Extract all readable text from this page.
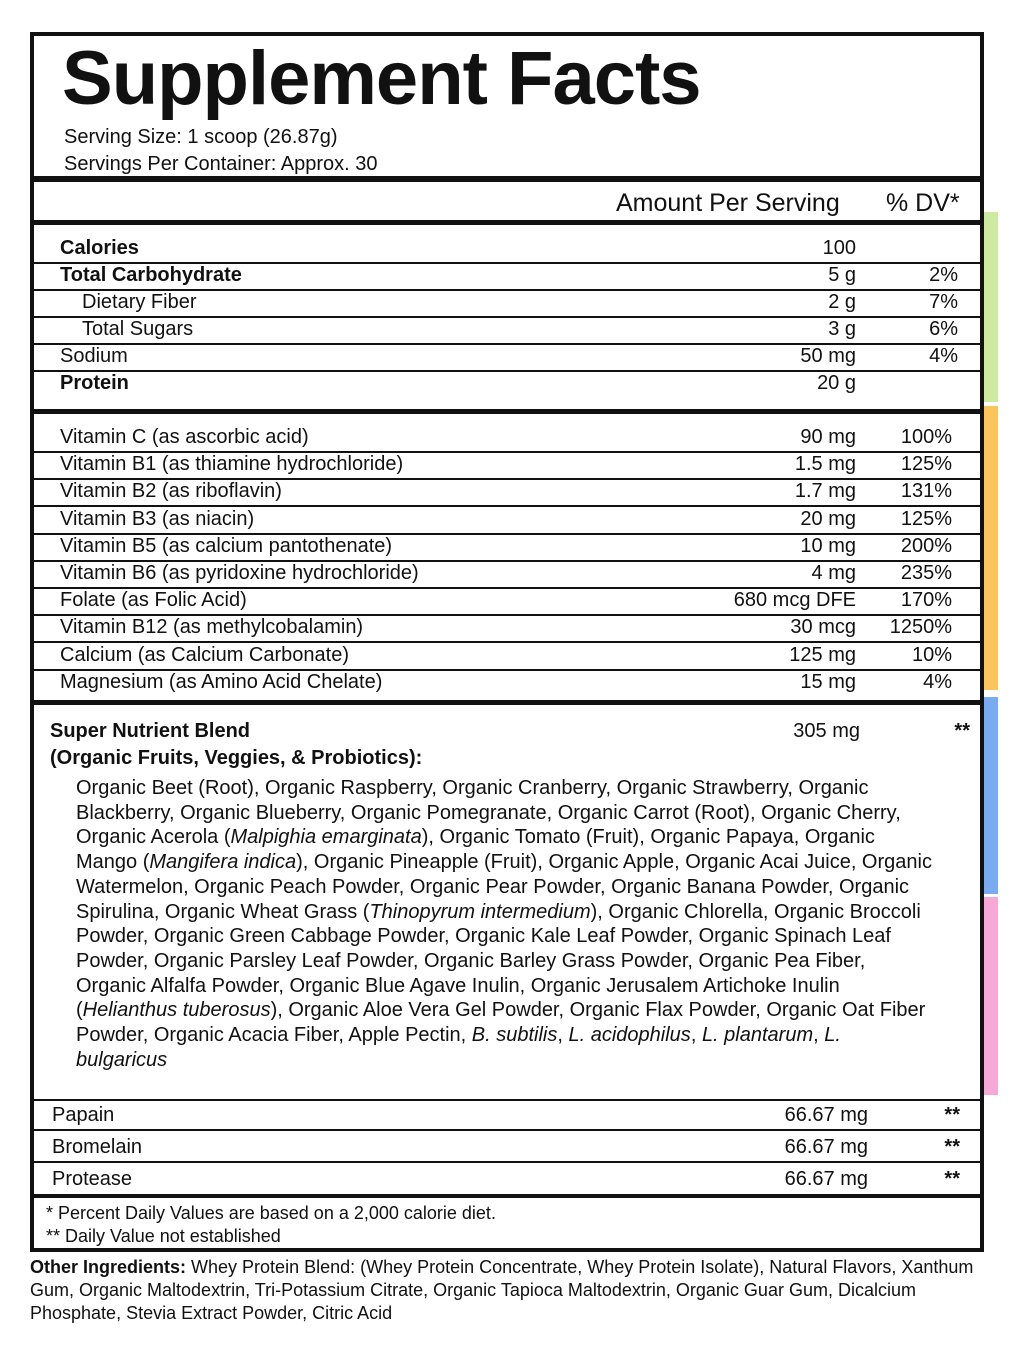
Supplement Facts
Serving Size: 1 scoop (26.87g)
Servings Per Container: Approx. 30
Amount Per Serving % DV*
Calories	100
Total Carbohydrate	5 g	2%
Dietary Fiber	2 g	7%
Total Sugars	3 g	6%
Sodium	50 mg	4%
Protein	20 g
Vitamin C (as ascorbic acid)	90 mg	100%
Vitamin B1 (as thiamine hydrochloride)	1.5 mg	125%
Vitamin B2 (as riboflavin)	1.7 mg	131%
Vitamin B3 (as niacin)	20 mg	125%
Vitamin B5 (as calcium pantothenate)	10 mg	200%
Vitamin B6 (as pyridoxine hydrochloride)	4 mg	235%
Folate (as Folic Acid)	680 mcg DFE	170%
Vitamin B12 (as methylcobalamin)	30 mcg	1250%
Calcium (as Calcium Carbonate)	125 mg	10%
Magnesium (as Amino Acid Chelate)	15 mg	4%
Super Nutrient Blend	305 mg	**
(Organic Fruits, Veggies, & Probiotics):
Organic Beet (Root), Organic Raspberry, Organic Cranberry, Organic Strawberry, Organic Blackberry, Organic Blueberry, Organic Pomegranate, Organic Carrot (Root), Organic Cherry, Organic Acerola (Malpighia emarginata), Organic Tomato (Fruit), Organic Papaya, Organic Mango (Mangifera indica), Organic Pineapple (Fruit), Organic Apple, Organic Acai Juice, Organic Watermelon, Organic Peach Powder, Organic Pear Powder, Organic Banana Powder, Organic Spirulina, Organic Wheat Grass (Thinopyrum intermedium), Organic Chlorella, Organic Broccoli Powder, Organic Green Cabbage Powder, Organic Kale Leaf Powder, Organic Spinach Leaf Powder, Organic Parsley Leaf Powder, Organic Barley Grass Powder, Organic Pea Fiber, Organic Alfalfa Powder, Organic Blue Agave Inulin, Organic Jerusalem Artichoke Inulin (Helianthus tuberosus), Organic Aloe Vera Gel Powder, Organic Flax Powder, Organic Oat Fiber Powder, Organic Acacia Fiber, Apple Pectin, B. subtilis, L. acidophilus, L. plantarum, L. bulgaricus
Papain	66.67 mg	**
Bromelain	66.67 mg	**
Protease	66.67 mg	**
* Percent Daily Values are based on a 2,000 calorie diet.
** Daily Value not established
Other Ingredients: Whey Protein Blend: (Whey Protein Concentrate, Whey Protein Isolate), Natural Flavors, Xanthum Gum, Organic Maltodextrin, Tri-Potassium Citrate, Organic Tapioca Maltodextrin, Organic Guar Gum, Dicalcium Phosphate, Stevia Extract Powder, Citric Acid
